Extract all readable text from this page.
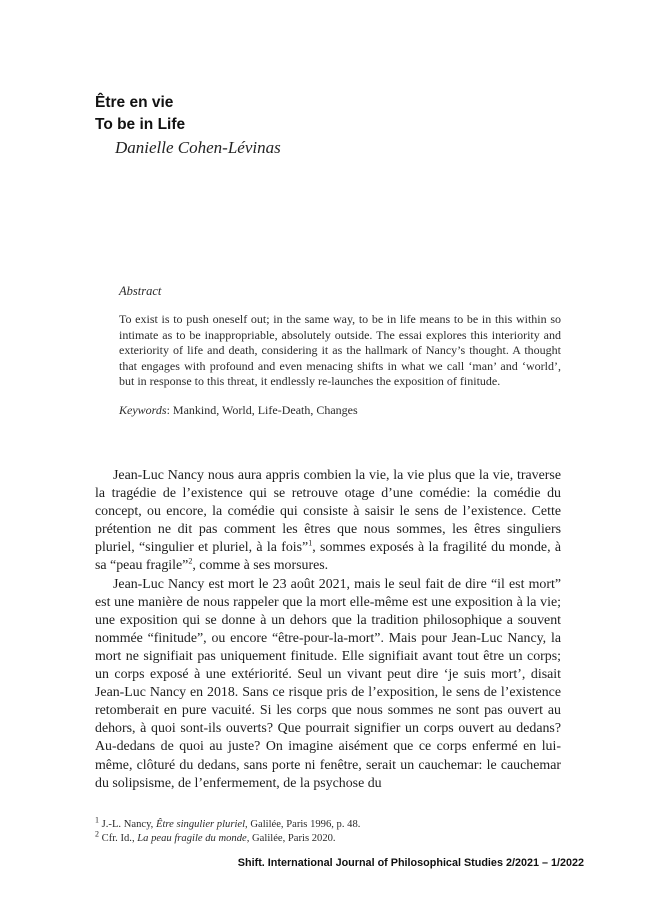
Être en vie
To be in Life
Danielle Cohen-Lévinas
Abstract
To exist is to push oneself out; in the same way, to be in life means to be in this within so intimate as to be inappropriable, absolutely outside. The essai explores this interiority and exteriority of life and death, considering it as the hallmark of Nancy’s thought. A thought that engages with profound and even menacing shifts in what we call ‘man’ and ‘world’, but in response to this threat, it endlessly re-launches the exposition of finitude.
Keywords: Mankind, World, Life-Death, Changes

Jean-Luc Nancy nous aura appris combien la vie, la vie plus que la vie, traverse la tragédie de l’existence qui se retrouve otage d’une comédie: la comédie du concept, ou encore, la comédie qui consiste à saisir le sens de l’existence. Cette prétention ne dit pas comment les êtres que nous sommes, les êtres singuliers pluriel, “singulier et pluriel, à la fois”$^1$, sommes exposés à la fragilité du monde, à sa “peau fragile”$^2$, comme à ses morsures.

Jean-Luc Nancy est mort le 23 août 2021, mais le seul fait de dire “il est mort” est une manière de nous rappeler que la mort elle-même est une exposition à la vie; une exposition qui se donne à un dehors que la tradition philosophique a souvent nommée “finitude”, ou encore “être-pour-la-mort”. Mais pour Jean-Luc Nancy, la mort ne signifiait pas uniquement finitude. Elle signifiait avant tout être un corps; un corps exposé à une extériorité. Seul un vivant peut dire ‘je suis mort’, disait Jean-Luc Nancy en 2018. Sans ce risque pris de l’exposition, le sens de l’existence retomberait en pure vacuité. Si les corps que nous sommes ne sont pas ouvert au dehors, à quoi sont-ils ouverts? Que pourrait signifier un corps ouvert au dedans? Au-dedans de quoi au juste? On imagine aisément que ce corps enfermé en lui-même, clôturé du dedans, sans porte ni fenêtre, serait un cauchemar: le cauchemar du solipsisme, de l’enfermement, de la psychose du

$^1$ J.-L. Nancy, Être singulier pluriel, Galilée, Paris 1996, p. 48.
$^2$ Cfr. Id., La peau fragile du monde, Galilée, Paris 2020.
Shift. International Journal of Philosophical Studies 2/2021 – 1/2022
